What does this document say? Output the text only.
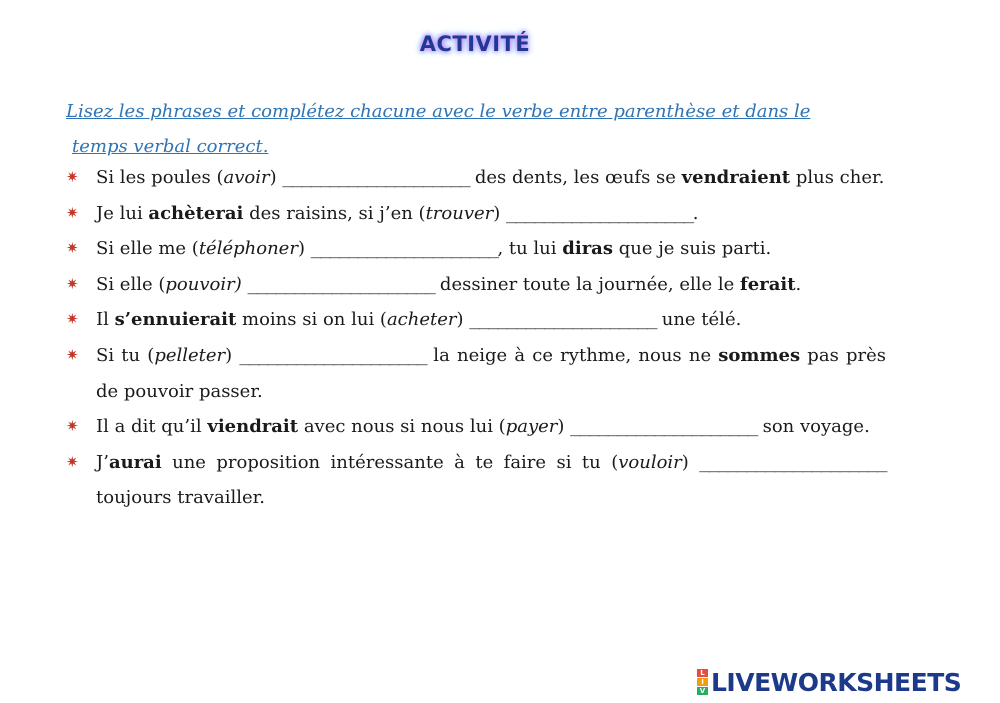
ACTIVITÉ
Lisez les phrases et complétez chacune avec le verbe entre parenthèse et dans le
temps verbal correct.
✷ Si les poules (avoir) ____________________ des dents, les œufs se vendraient plus cher.
✷ Je lui achèterai des raisins, si j’en (trouver) ____________________.
✷ Si elle me (téléphoner) ____________________, tu lui diras que je suis parti.
✷ Si elle (pouvoir) ____________________ dessiner toute la journée, elle le ferait.
✷ Il s’ennuierait moins si on lui (acheter) ____________________ une télé.
✷ Si tu (pelleter) ____________________ la neige à ce rythme, nous ne sommes pas près de pouvoir passer.
✷ Il a dit qu’il viendrait avec nous si nous lui (payer) ____________________ son voyage.
✷ J’aurai une proposition intéressante à te faire si tu (vouloir) ____________________ toujours travailler.
L
I
V LIVEWORKSHEETS
